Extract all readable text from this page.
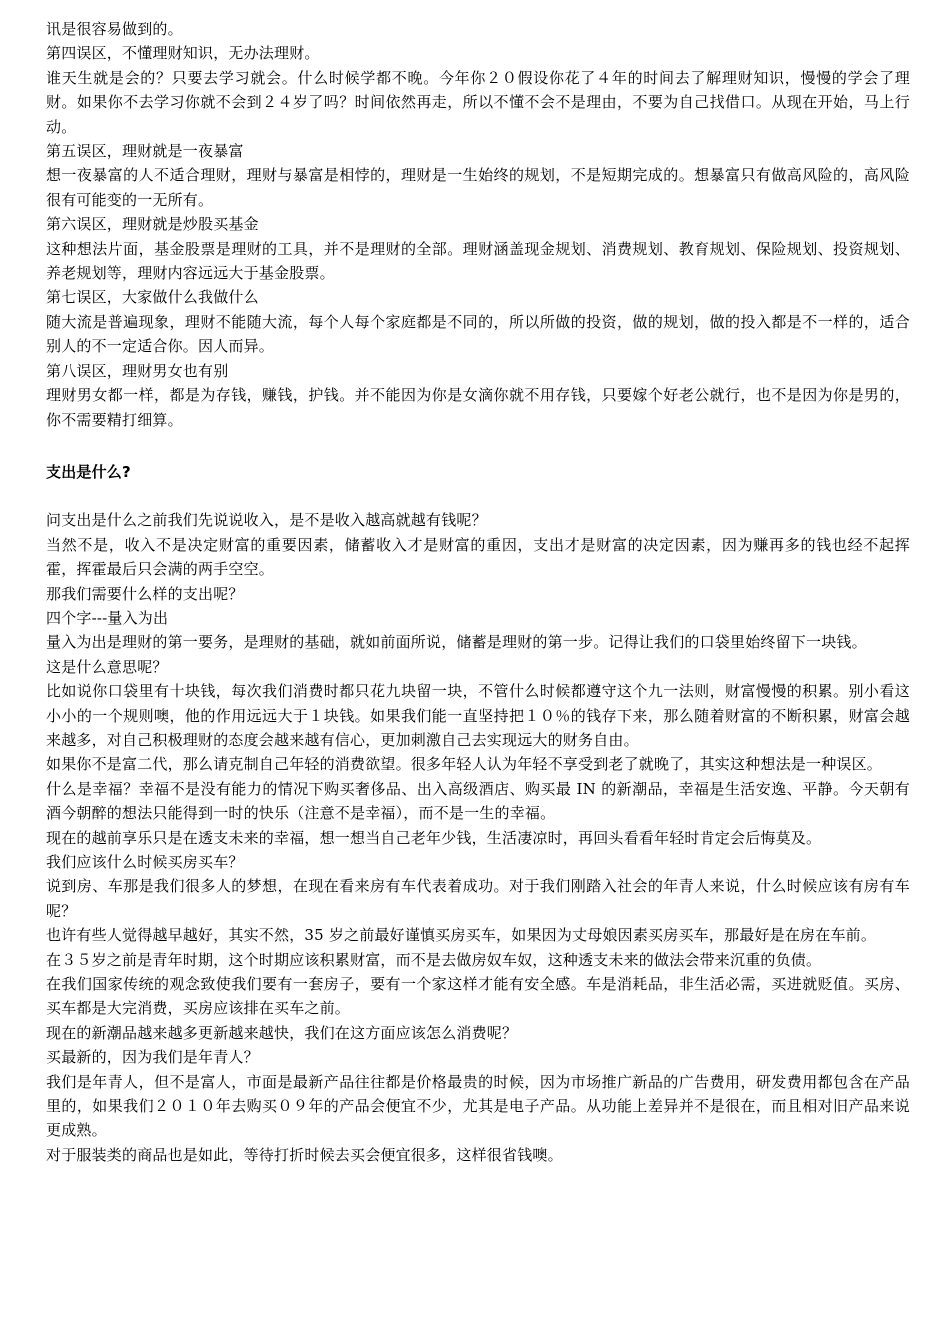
讯是很容易做到的。

第四误区，不懂理财知识，无办法理财。

谁天生就是会的？只要去学习就会。什么时候学都不晚。今年你２０假设你花了４年的时间去了解理财知识，慢慢的学会了理财。如果你不去学习你就不会到２４岁了吗？时间依然再走，所以不懂不会不是理由，不要为自己找借口。从现在开始，马上行动。

第五误区，理财就是一夜暴富

想一夜暴富的人不适合理财，理财与暴富是相悖的，理财是一生始终的规划，不是短期完成的。想暴富只有做高风险的，高风险很有可能变的一无所有。

第六误区，理财就是炒股买基金

这种想法片面，基金股票是理财的工具，并不是理财的全部。理财涵盖现金规划、消费规划、教育规划、保险规划、投资规划、养老规划等，理财内容远远大于基金股票。

第七误区，大家做什么我做什么

随大流是普遍现象，理财不能随大流，每个人每个家庭都是不同的，所以所做的投资，做的规划，做的投入都是不一样的，适合别人的不一定适合你。因人而异。

第八误区，理财男女也有别

理财男女都一样，都是为存钱，赚钱，护钱。并不能因为你是女滴你就不用存钱，只要嫁个好老公就行，也不是因为你是男的，你不需要精打细算。

支出是什么?

问支出是什么之前我们先说说收入，是不是收入越高就越有钱呢？

当然不是，收入不是决定财富的重要因素，储蓄收入才是财富的重因，支出才是财富的决定因素，因为赚再多的钱也经不起挥霍，挥霍最后只会满的两手空空。

那我们需要什么样的支出呢？

四个字---量入为出

量入为出是理财的第一要务，是理财的基础，就如前面所说，储蓄是理财的第一步。记得让我们的口袋里始终留下一块钱。

这是什么意思呢？

比如说你口袋里有十块钱，每次我们消费时都只花九块留一块，不管什么时候都遵守这个九一法则，财富慢慢的积累。别小看这小小的一个规则噢，他的作用远远大于１块钱。如果我们能一直坚持把１０％的钱存下来，那么随着财富的不断积累，财富会越来越多，对自己积极理财的态度会越来越有信心，更加刺激自己去实现远大的财务自由。

如果你不是富二代，那么请克制自己年轻的消费欲望。很多年轻人认为年轻不享受到老了就晚了，其实这种想法是一种误区。

什么是幸福？幸福不是没有能力的情况下购买奢侈品、出入高级酒店、购买最 IN 的新潮品，幸福是生活安逸、平静。今天朝有酒今朝醉的想法只能得到一时的快乐（注意不是幸福），而不是一生的幸福。

现在的越前享乐只是在透支未来的幸福，想一想当自己老年少钱，生活凄凉时，再回头看看年轻时肯定会后悔莫及。

我们应该什么时候买房买车？

说到房、车那是我们很多人的梦想，在现在看来房有车代表着成功。对于我们刚踏入社会的年青人来说，什么时候应该有房有车呢？

也许有些人觉得越早越好，其实不然，35 岁之前最好谨慎买房买车，如果因为丈母娘因素买房买车，那最好是在房在车前。

在３５岁之前是青年时期，这个时期应该积累财富，而不是去做房奴车奴，这种透支未来的做法会带来沉重的负债。

在我们国家传统的观念致使我们要有一套房子，要有一个家这样才能有安全感。车是消耗品，非生活必需，买进就贬值。买房、买车都是大完消费，买房应该排在买车之前。

现在的新潮品越来越多更新越来越快，我们在这方面应该怎么消费呢？

买最新的，因为我们是年青人？

我们是年青人，但不是富人，市面是最新产品往往都是价格最贵的时候，因为市场推广新品的广告费用，研发费用都包含在产品里的，如果我们２０１０年去购买０９年的产品会便宜不少，尤其是电子产品。从功能上差异并不是很在，而且相对旧产品来说更成熟。

对于服装类的商品也是如此，等待打折时候去买会便宜很多，这样很省钱噢。
